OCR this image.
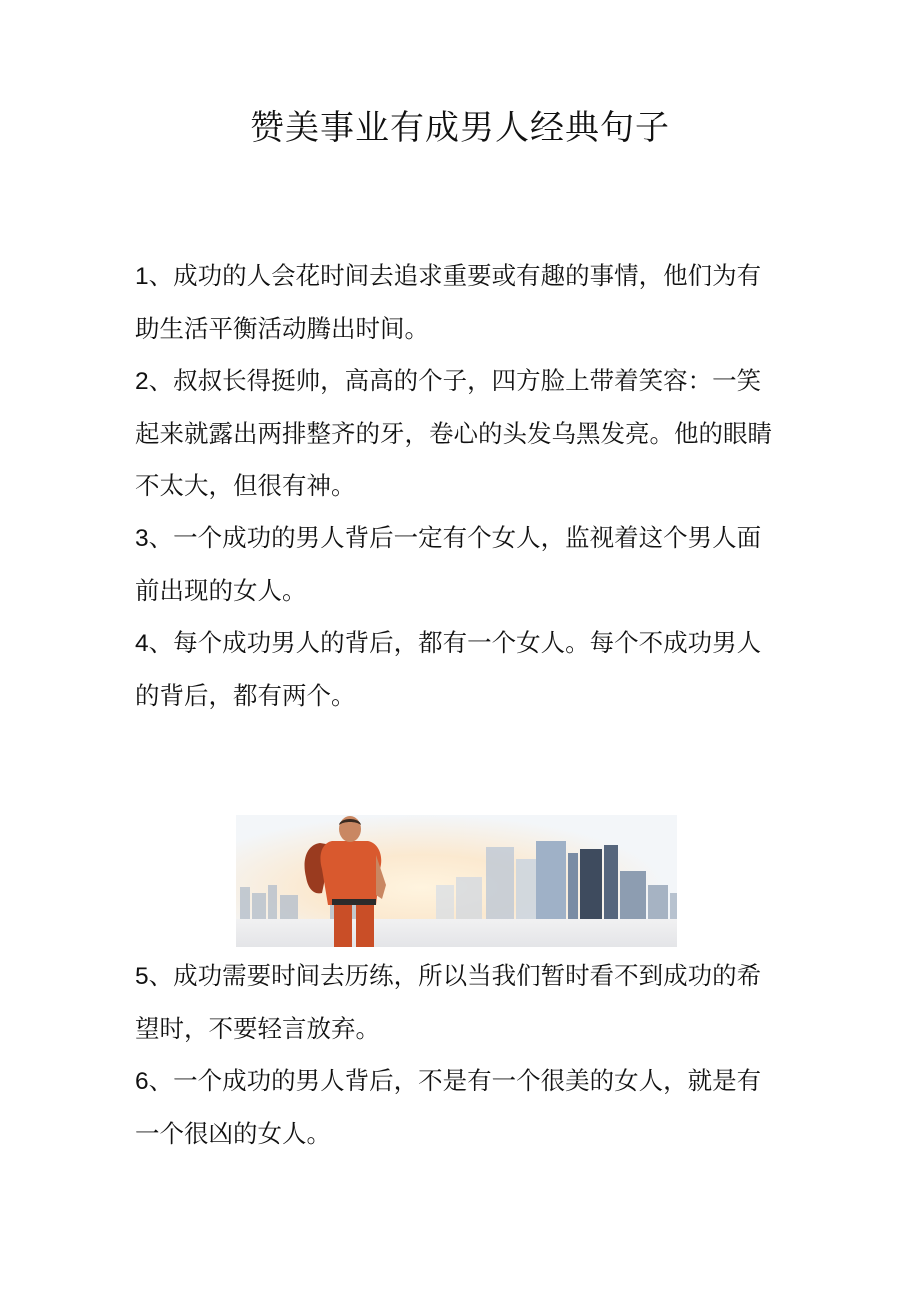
赞美事业有成男人经典句子

1、成功的人会花时间去追求重要或有趣的事情，他们为有助生活平衡活动腾出时间。

2、叔叔长得挺帅，高高的个子，四方脸上带着笑容：一笑起来就露出两排整齐的牙，卷心的头发乌黑发亮。他的眼睛不太大，但很有神。

3、一个成功的男人背后一定有个女人，监视着这个男人面前出现的女人。

4、每个成功男人的背后，都有一个女人。每个不成功男人的背后，都有两个。

5、成功需要时间去历练，所以当我们暂时看不到成功的希望时，不要轻言放弃。

6、一个成功的男人背后，不是有一个很美的女人，就是有一个很凶的女人。
